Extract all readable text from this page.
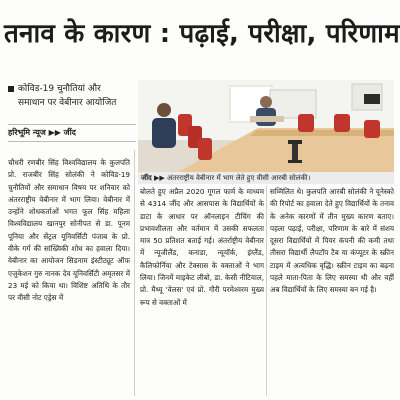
तनाव के कारण : पढ़ाई, परीक्षा, परिणाम
कोविड-19 चुनौतियां और
समाधान पर वेबीनार आयोजित
हरिभूमि न्यूज ▶▶ जींद
जींद ▶▶ अंतरराष्ट्रीय वेबीनार में भाग लेते हुए वीसी आरबी सोलंकी।
चौधरी रणबीर सिंह विश्वविद्यालय के कुलपति प्रो. राजबीर सिंह सोलंकी ने कोविड-19 चुनौतियों और समाधान विषय पर शनिवार को अंतरराष्ट्रीय वेबीनार में भाग लिया। वेबीनार में उन्होंने शोधकर्ताओं भगत फूल सिंह महिला विश्वविद्यालय खानपुर सोनीपत से डा. पूनम पूनिया और सेंट्रल यूनिवर्सिटी पंजाब के प्रो. वीके गर्ग की सांख्यिकी शोध का हवाला दिया। वेबीनार का आयोजन सिडनाम इंस्टीट्यूट ऑफ एजुकेशन गुरु नानक देव यूनिवर्सिटी अमृतसर में 23 मई को किया था। विशिष्ट अतिथि के तौर पर वीसी नोट एड्रेस में
बोलते हुए अप्रैल 2020 गूगल फार्म के माध्यम से 4314 जींद और आसपास के विद्यार्थियों के डाटा के आधार पर ऑनलाइन टीचिंग की प्रभावशीलता और वर्तमान में उसकी सफलता मात्र 50 प्रतिशत बताई गई। अंतर्राष्ट्रीय वेबीनार में न्यूजीलैंड, कनाडा, न्यूयॉर्क, इंग्लैंड, कैलिफोर्निया और टेक्सास के वक्ताओं ने भाग लिया। जिनमें माइकेट लीबो, डा. केसी नीटियाल, प्रो. मैथ्यू 'वेलस' एवं प्रो. गौरी परमेश्वरम मुख्य रूप से वक्ताओं में
सम्मिलित थे। कुलपति आरबी सोलंकी ने यूनेस्को की रिपोर्ट का हवाला देते हुए विद्यार्थियों के तनाव के अनेक कारणों में तीन मुख्य कारण बताए। पहला पढ़ाई, परीक्षा, परिणाम के बारे में संशय दूसरा विद्यार्थियों में पियर कंपनी की कमी तथा तीसरा विद्यार्थी लैपटॉप टैब या कंप्यूटर के स्क्रीन टाइम में अत्यधिक वृद्धि। स्क्रीन टाइम का बढ़ना पहले माता-पिता के लिए समस्या थी और वहीं अब विद्यार्थियों के लिए समस्या बन गई है।
